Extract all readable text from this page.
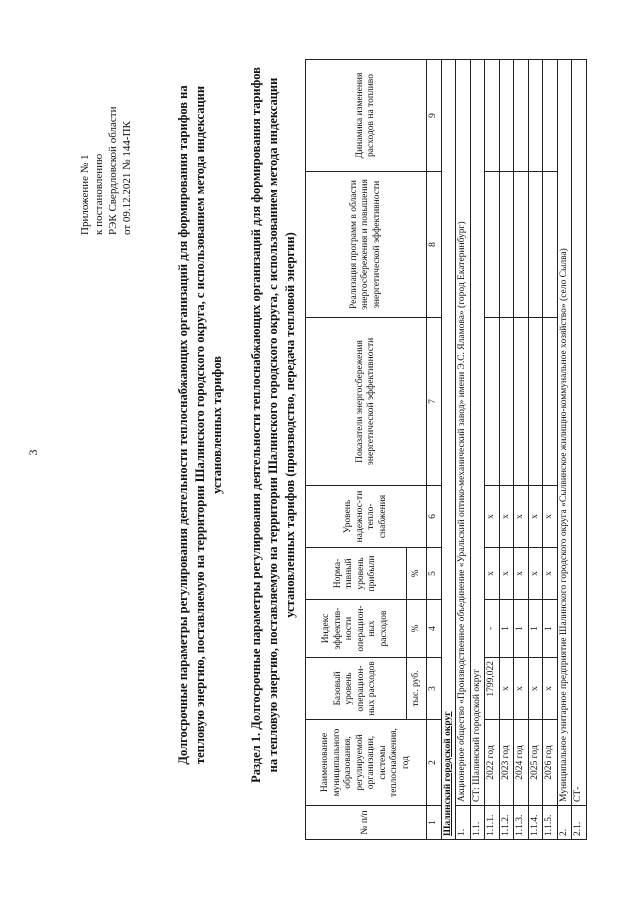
3
Приложение № 1 к постановлению РЭК Свердловской области от 09.12.2021 № 144-ПК	Долгосрочные параметры регулирования деятельности теплоснабжающих организаций для формирования тарифов на тепловую энергию, поставляемую на территории Шалинского городского округа, с использованием метода индексации установленных тарифов Раздел 1. Долгосрочные параметры регулирования деятельности теплоснабжающих организаций для формирования тарифов на тепловую энергию, поставляемую на территории Шалинского городского округа, с использованием метода индексации установленных тарифов (производство, передача тепловой энергии)
№ п/п	Наименование муниципального образования, регулируемой организации, системы теплоснабжения, год	Базовый уровень операцион-ных расходов	Индекс эффектив-ности операцион-ных расходов	Норма-тивный уровень прибыли	Уровень надежнос-ти тепло-снабжения	Показатели энергосбережения энергетической эффективности	Реализация программ в области энергосбережения и повышения энергетической эффективности	Динамика изменения расходов на топливо
		тыс. руб.	%	%				
1	2	3	4	5	6	7	8	9
Шалинский городской округ								
1.	Акционерное общество «Производственное объединение «Уральский оптико-механический завод» имени Э.С. Яламова» (город Екатеринбург)							
1.1.	СТ: Шалинский городской округ							
1.1.1.	2022 год	1799,022	-	x	x			
1.1.2.	2023 год	x	1	x	x			
1.1.3.	2024 год	x	1	x	x			
1.1.4.	2025 год	x	1	x	x			
1.1.5.	2026 год	x	1	x	x			
2.	Муниципальное унитарное предприятие Шалинского городского округа «Сылвинское жилищно-коммунальное хозяйство» (село Сылва)							
2.1.	СТ-							
